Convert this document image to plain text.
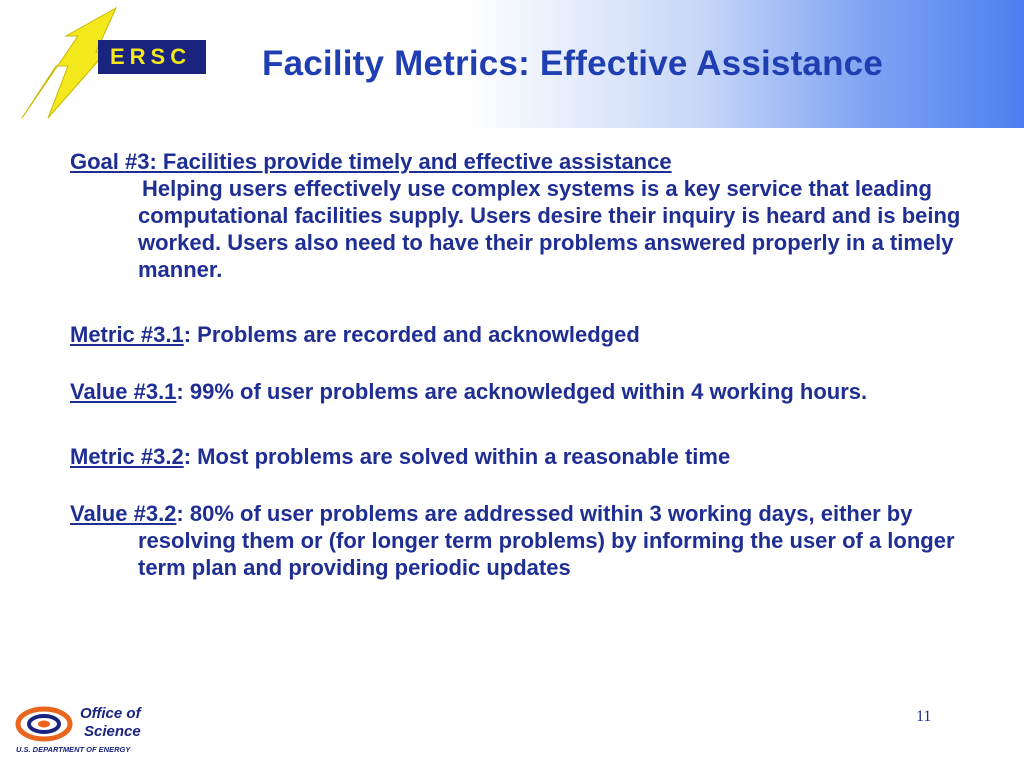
ERSC Facility Metrics: Effective Assistance

Goal #3: Facilities provide timely and effective assistance

Helping users effectively use complex systems is a key service that leading computational facilities supply. Users desire their inquiry is heard and is being worked. Users also need to have their problems answered properly in a timely manner.

Metric #3.1: Problems are recorded and acknowledged

Value #3.1: 99% of user problems are acknowledged within 4 working hours.

Metric #3.2: Most problems are solved within a reasonable time

Value #3.2: 80% of user problems are addressed within 3 working days, either by resolving them or (for longer term problems) by informing the user of a longer term plan and providing periodic updates

Office of
Science
U.S. DEPARTMENT OF ENERGY
11
